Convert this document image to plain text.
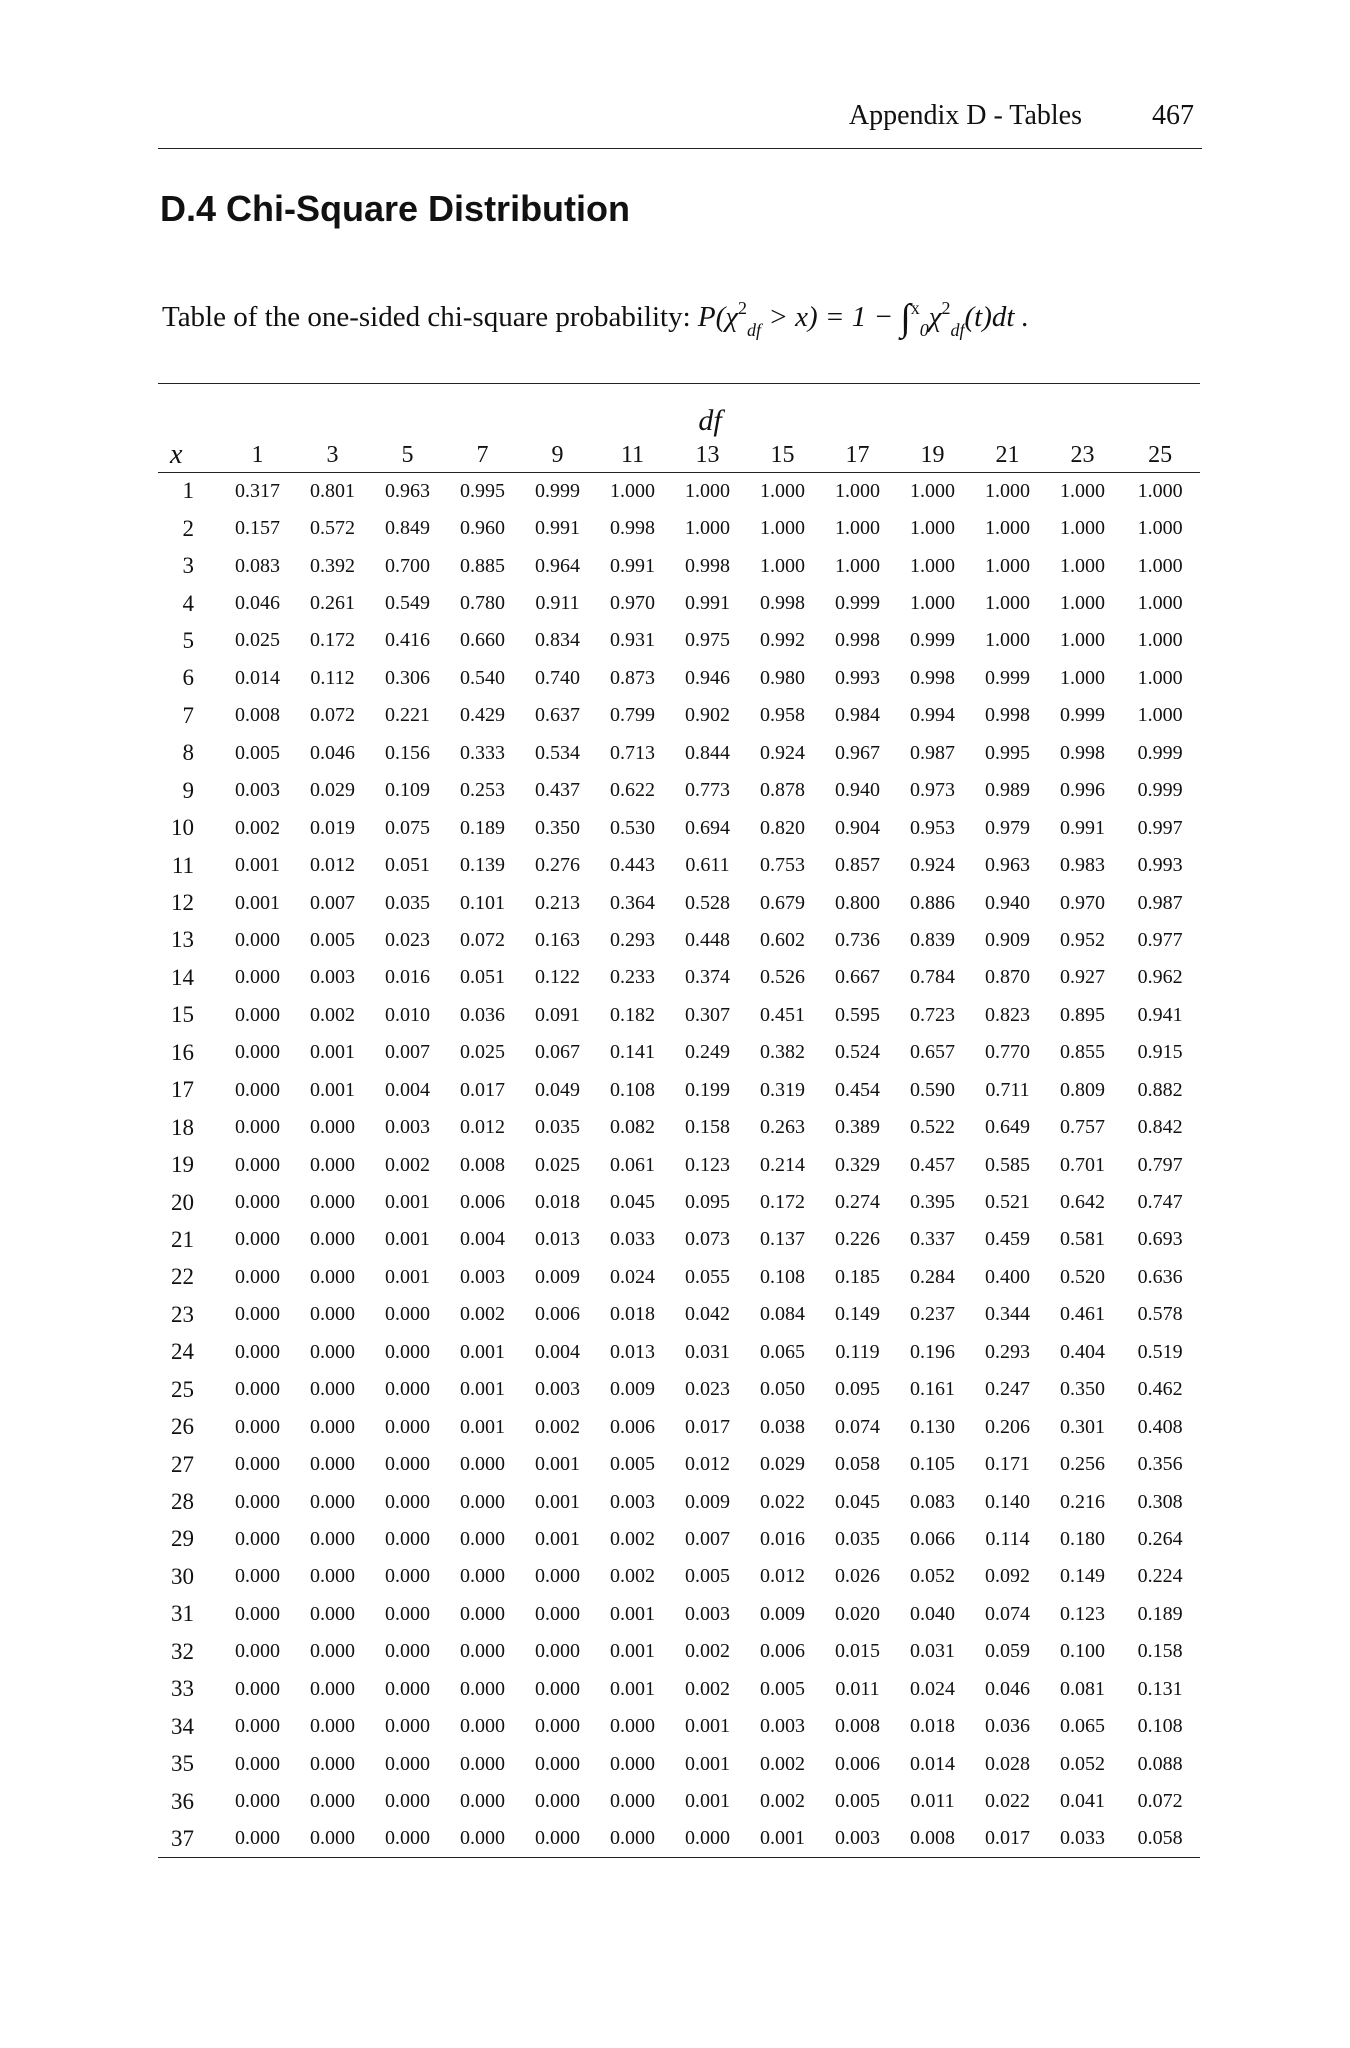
Appendix D - Tables	467
D.4 Chi-Square Distribution
Table of the one-sided chi-square probability: $P(\chi^2_{df} > x) = 1 - \int^x_0\chi^2_{df}(t)dt$ .
	df												
x	1	3	5	7	9	11	13	15	17	19	21	23	25
1	0.317	0.801	0.963	0.995	0.999	1.000	1.000	1.000	1.000	1.000	1.000	1.000	1.000
2	0.157	0.572	0.849	0.960	0.991	0.998	1.000	1.000	1.000	1.000	1.000	1.000	1.000
3	0.083	0.392	0.700	0.885	0.964	0.991	0.998	1.000	1.000	1.000	1.000	1.000	1.000
4	0.046	0.261	0.549	0.780	0.911	0.970	0.991	0.998	0.999	1.000	1.000	1.000	1.000
5	0.025	0.172	0.416	0.660	0.834	0.931	0.975	0.992	0.998	0.999	1.000	1.000	1.000
6	0.014	0.112	0.306	0.540	0.740	0.873	0.946	0.980	0.993	0.998	0.999	1.000	1.000
7	0.008	0.072	0.221	0.429	0.637	0.799	0.902	0.958	0.984	0.994	0.998	0.999	1.000
8	0.005	0.046	0.156	0.333	0.534	0.713	0.844	0.924	0.967	0.987	0.995	0.998	0.999
9	0.003	0.029	0.109	0.253	0.437	0.622	0.773	0.878	0.940	0.973	0.989	0.996	0.999
10	0.002	0.019	0.075	0.189	0.350	0.530	0.694	0.820	0.904	0.953	0.979	0.991	0.997
11	0.001	0.012	0.051	0.139	0.276	0.443	0.611	0.753	0.857	0.924	0.963	0.983	0.993
12	0.001	0.007	0.035	0.101	0.213	0.364	0.528	0.679	0.800	0.886	0.940	0.970	0.987
13	0.000	0.005	0.023	0.072	0.163	0.293	0.448	0.602	0.736	0.839	0.909	0.952	0.977
14	0.000	0.003	0.016	0.051	0.122	0.233	0.374	0.526	0.667	0.784	0.870	0.927	0.962
15	0.000	0.002	0.010	0.036	0.091	0.182	0.307	0.451	0.595	0.723	0.823	0.895	0.941
16	0.000	0.001	0.007	0.025	0.067	0.141	0.249	0.382	0.524	0.657	0.770	0.855	0.915
17	0.000	0.001	0.004	0.017	0.049	0.108	0.199	0.319	0.454	0.590	0.711	0.809	0.882
18	0.000	0.000	0.003	0.012	0.035	0.082	0.158	0.263	0.389	0.522	0.649	0.757	0.842
19	0.000	0.000	0.002	0.008	0.025	0.061	0.123	0.214	0.329	0.457	0.585	0.701	0.797
20	0.000	0.000	0.001	0.006	0.018	0.045	0.095	0.172	0.274	0.395	0.521	0.642	0.747
21	0.000	0.000	0.001	0.004	0.013	0.033	0.073	0.137	0.226	0.337	0.459	0.581	0.693
22	0.000	0.000	0.001	0.003	0.009	0.024	0.055	0.108	0.185	0.284	0.400	0.520	0.636
23	0.000	0.000	0.000	0.002	0.006	0.018	0.042	0.084	0.149	0.237	0.344	0.461	0.578
24	0.000	0.000	0.000	0.001	0.004	0.013	0.031	0.065	0.119	0.196	0.293	0.404	0.519
25	0.000	0.000	0.000	0.001	0.003	0.009	0.023	0.050	0.095	0.161	0.247	0.350	0.462
26	0.000	0.000	0.000	0.001	0.002	0.006	0.017	0.038	0.074	0.130	0.206	0.301	0.408
27	0.000	0.000	0.000	0.000	0.001	0.005	0.012	0.029	0.058	0.105	0.171	0.256	0.356
28	0.000	0.000	0.000	0.000	0.001	0.003	0.009	0.022	0.045	0.083	0.140	0.216	0.308
29	0.000	0.000	0.000	0.000	0.001	0.002	0.007	0.016	0.035	0.066	0.114	0.180	0.264
30	0.000	0.000	0.000	0.000	0.000	0.002	0.005	0.012	0.026	0.052	0.092	0.149	0.224
31	0.000	0.000	0.000	0.000	0.000	0.001	0.003	0.009	0.020	0.040	0.074	0.123	0.189
32	0.000	0.000	0.000	0.000	0.000	0.001	0.002	0.006	0.015	0.031	0.059	0.100	0.158
33	0.000	0.000	0.000	0.000	0.000	0.001	0.002	0.005	0.011	0.024	0.046	0.081	0.131
34	0.000	0.000	0.000	0.000	0.000	0.000	0.001	0.003	0.008	0.018	0.036	0.065	0.108
35	0.000	0.000	0.000	0.000	0.000	0.000	0.001	0.002	0.006	0.014	0.028	0.052	0.088
36	0.000	0.000	0.000	0.000	0.000	0.000	0.001	0.002	0.005	0.011	0.022	0.041	0.072
37	0.000	0.000	0.000	0.000	0.000	0.000	0.000	0.001	0.003	0.008	0.017	0.033	0.058
